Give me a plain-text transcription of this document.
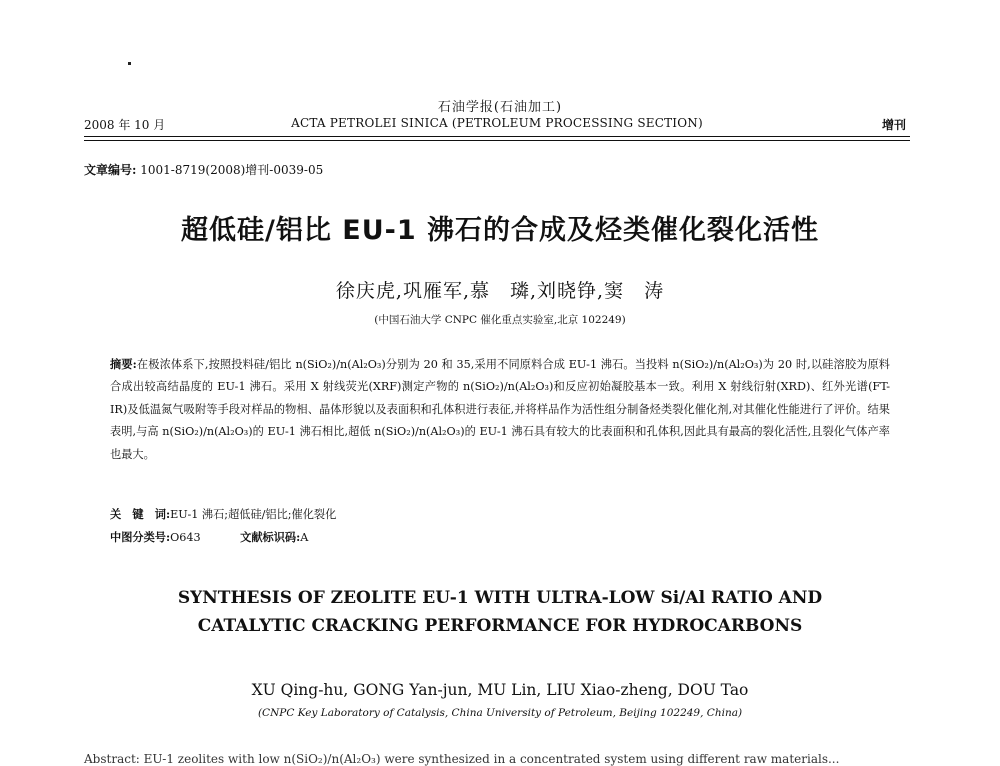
石油学报(石油加工)
2008 年 10 月	ACTA PETROLEI SINICA (PETROLEUM PROCESSING SECTION)	增刊
文章编号: 1001-8719(2008)增刊-0039-05
超低硅/铝比 EU-1 沸石的合成及烃类催化裂化活性
徐庆虎,巩雁军,慕　璘,刘晓铮,窦　涛
(中国石油大学 CNPC 催化重点实验室,北京 102249)
摘要:在极浓体系下,按照投料硅/铝比 n(SiO₂)/n(Al₂O₃)分别为 20 和 35,采用不同原料合成 EU-1 沸石。当投料 n(SiO₂)/n(Al₂O₃)为 20 时,以硅溶胶为原料合成出较高结晶度的 EU-1 沸石。采用 X 射线荧光(XRF)测定产物的 n(SiO₂)/n(Al₂O₃)和反应初始凝胶基本一致。利用 X 射线衍射(XRD)、红外光谱(FT-IR)及低温氮气吸附等手段对样品的物相、晶体形貌以及表面积和孔体积进行表征,并将样品作为活性组分制备烃类裂化催化剂,对其催化性能进行了评价。结果表明,与高 n(SiO₂)/n(Al₂O₃)的 EU-1 沸石相比,超低 n(SiO₂)/n(Al₂O₃)的 EU-1 沸石具有较大的比表面积和孔体积,因此具有最高的裂化活性,且裂化气体产率也最大。
关　键　词:EU-1 沸石;超低硅/铝比;催化裂化
中图分类号:O643	文献标识码:A
SYNTHESIS OF ZEOLITE EU-1 WITH ULTRA-LOW Si/Al RATIO AND
CATALYTIC CRACKING PERFORMANCE FOR HYDROCARBONS
XU Qing-hu, GONG Yan-jun, MU Lin, LIU Xiao-zheng, DOU Tao
(CNPC Key Laboratory of Catalysis, China University of Petroleum, Beijing 102249, China)
Abstract: EU-1 zeolites with low n(SiO₂)/n(Al₂O₃) were synthesized in a concentrated system using different raw materials...
